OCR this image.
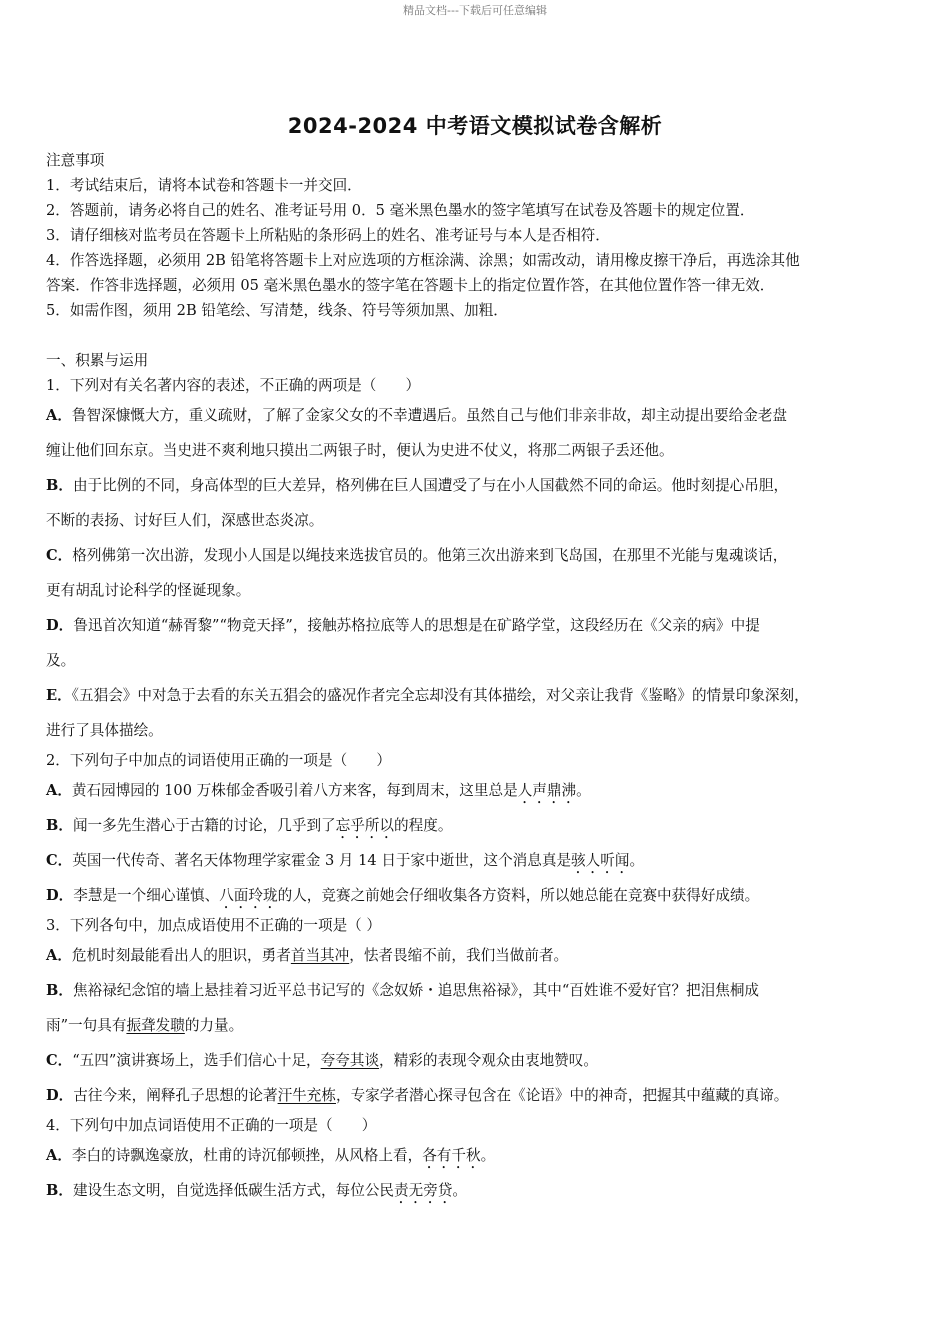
精品文档---下载后可任意编辑
2024-2024 中考语文模拟试卷含解析

注意事项

1．考试结束后，请将本试卷和答题卡一并交回．

2．答题前，请务必将自己的姓名、准考证号用 0．5 毫米黑色墨水的签字笔填写在试卷及答题卡的规定位置．

3．请仔细核对监考员在答题卡上所粘贴的条形码上的姓名、准考证号与本人是否相符．

4．作答选择题，必须用 2B 铅笔将答题卡上对应选项的方框涂满、涂黑；如需改动，请用橡皮擦干净后，再选涂其他

答案．作答非选择题，必须用 05 毫米黑色墨水的签字笔在答题卡上的指定位置作答，在其他位置作答一律无效．

5．如需作图，须用 2B 铅笔绘、写清楚，线条、符号等须加黑、加粗．

一、积累与运用

1．下列对有关名著内容的表述，不正确的两项是（　　）

A．鲁智深慷慨大方，重义疏财，了解了金家父女的不幸遭遇后。虽然自己与他们非亲非故，却主动提出要给金老盘

缠让他们回东京。当史进不爽利地只摸出二两银子时，便认为史进不仗义，将那二两银子丢还他。

B．由于比例的不同，身高体型的巨大差异，格列佛在巨人国遭受了与在小人国截然不同的命运。他时刻提心吊胆，

不断的表扬、讨好巨人们，深感世态炎凉。

C．格列佛第一次出游，发现小人国是以绳技来选拔官员的。他第三次出游来到飞岛国，在那里不光能与鬼魂谈话，

更有胡乱讨论科学的怪诞现象。

D．鲁迅首次知道“赫胥黎”“物竞天择”，接触苏格拉底等人的思想是在矿路学堂，这段经历在《父亲的病》中提

及。

E．《五猖会》中对急于去看的东关五猖会的盛况作者完全忘却没有其体描绘，对父亲让我背《鉴略》的情景印象深刻，

进行了具体描绘。

2．下列句子中加点的词语使用正确的一项是（　　）

A．黄石园博园的 100 万株郁金香吸引着八方来客，每到周末，这里总是人声鼎沸。

B．闻一多先生潜心于古籍的讨论，几乎到了忘乎所以的程度。

C．英国一代传奇、著名天体物理学家霍金 3 月 14 日于家中逝世，这个消息真是骇人听闻。

D．李慧是一个细心谨慎、八面玲珑的人，竞赛之前她会仔细收集各方资料，所以她总能在竞赛中获得好成绩。

3．下列各句中，加点成语使用不正确的一项是（ ）

A．危机时刻最能看出人的胆识，勇者首当其冲，怯者畏缩不前，我们当做前者。

B．焦裕禄纪念馆的墙上悬挂着习近平总书记写的《念奴娇・追思焦裕禄》，其中“百姓谁不爱好官？把泪焦桐成

雨”一句具有振聋发聩的力量。

C．“五四”演讲赛场上，选手们信心十足，夸夸其谈，精彩的表现令观众由衷地赞叹。

D．古往今来，阐释孔子思想的论著汗牛充栋，专家学者潜心探寻包含在《论语》中的神奇，把握其中蕴藏的真谛。

4．下列句中加点词语使用不正确的一项是（　　）

A．李白的诗飘逸豪放，杜甫的诗沉郁顿挫，从风格上看，各有千秋。

B．建设生态文明，自觉选择低碳生活方式，每位公民责无旁贷。
